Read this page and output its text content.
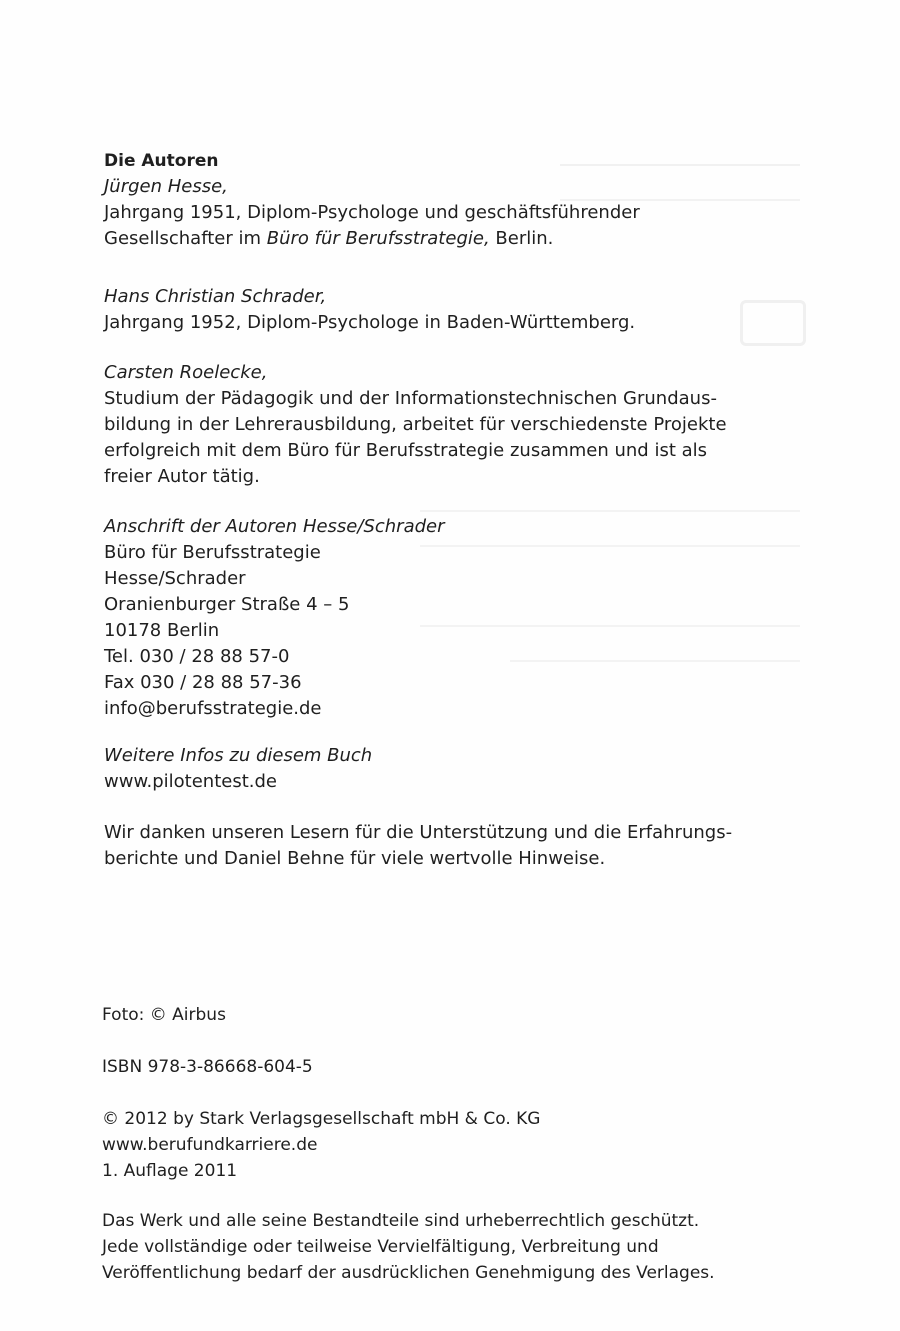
Die Autoren
Jürgen Hesse,
Jahrgang 1951, Diplom-Psychologe und geschäftsführender
Gesellschafter im Büro für Berufsstrategie, Berlin.
Hans Christian Schrader,
Jahrgang 1952, Diplom-Psychologe in Baden-Württemberg.
Carsten Roelecke,
Studium der Pädagogik und der Informationstechnischen Grundaus-
bildung in der Lehrerausbildung, arbeitet für verschiedenste Projekte
erfolgreich mit dem Büro für Berufsstrategie zusammen und ist als
freier Autor tätig.
Anschrift der Autoren Hesse/Schrader
Büro für Berufsstrategie
Hesse/Schrader
Oranienburger Straße 4 – 5
10178 Berlin
Tel. 030 / 28 88 57-0
Fax 030 / 28 88 57-36
info@berufsstrategie.de
Weitere Infos zu diesem Buch
www.pilotentest.de
Wir danken unseren Lesern für die Unterstützung und die Erfahrungs-
berichte und Daniel Behne für viele wertvolle Hinweise.
Foto: © Airbus
ISBN 978-3-86668-604-5
© 2012 by Stark Verlagsgesellschaft mbH & Co. KG
www.berufundkarriere.de
1. Auflage 2011
Das Werk und alle seine Bestandteile sind urheberrechtlich geschützt.
Jede vollständige oder teilweise Vervielfältigung, Verbreitung und
Veröffentlichung bedarf der ausdrücklichen Genehmigung des Verlages.
